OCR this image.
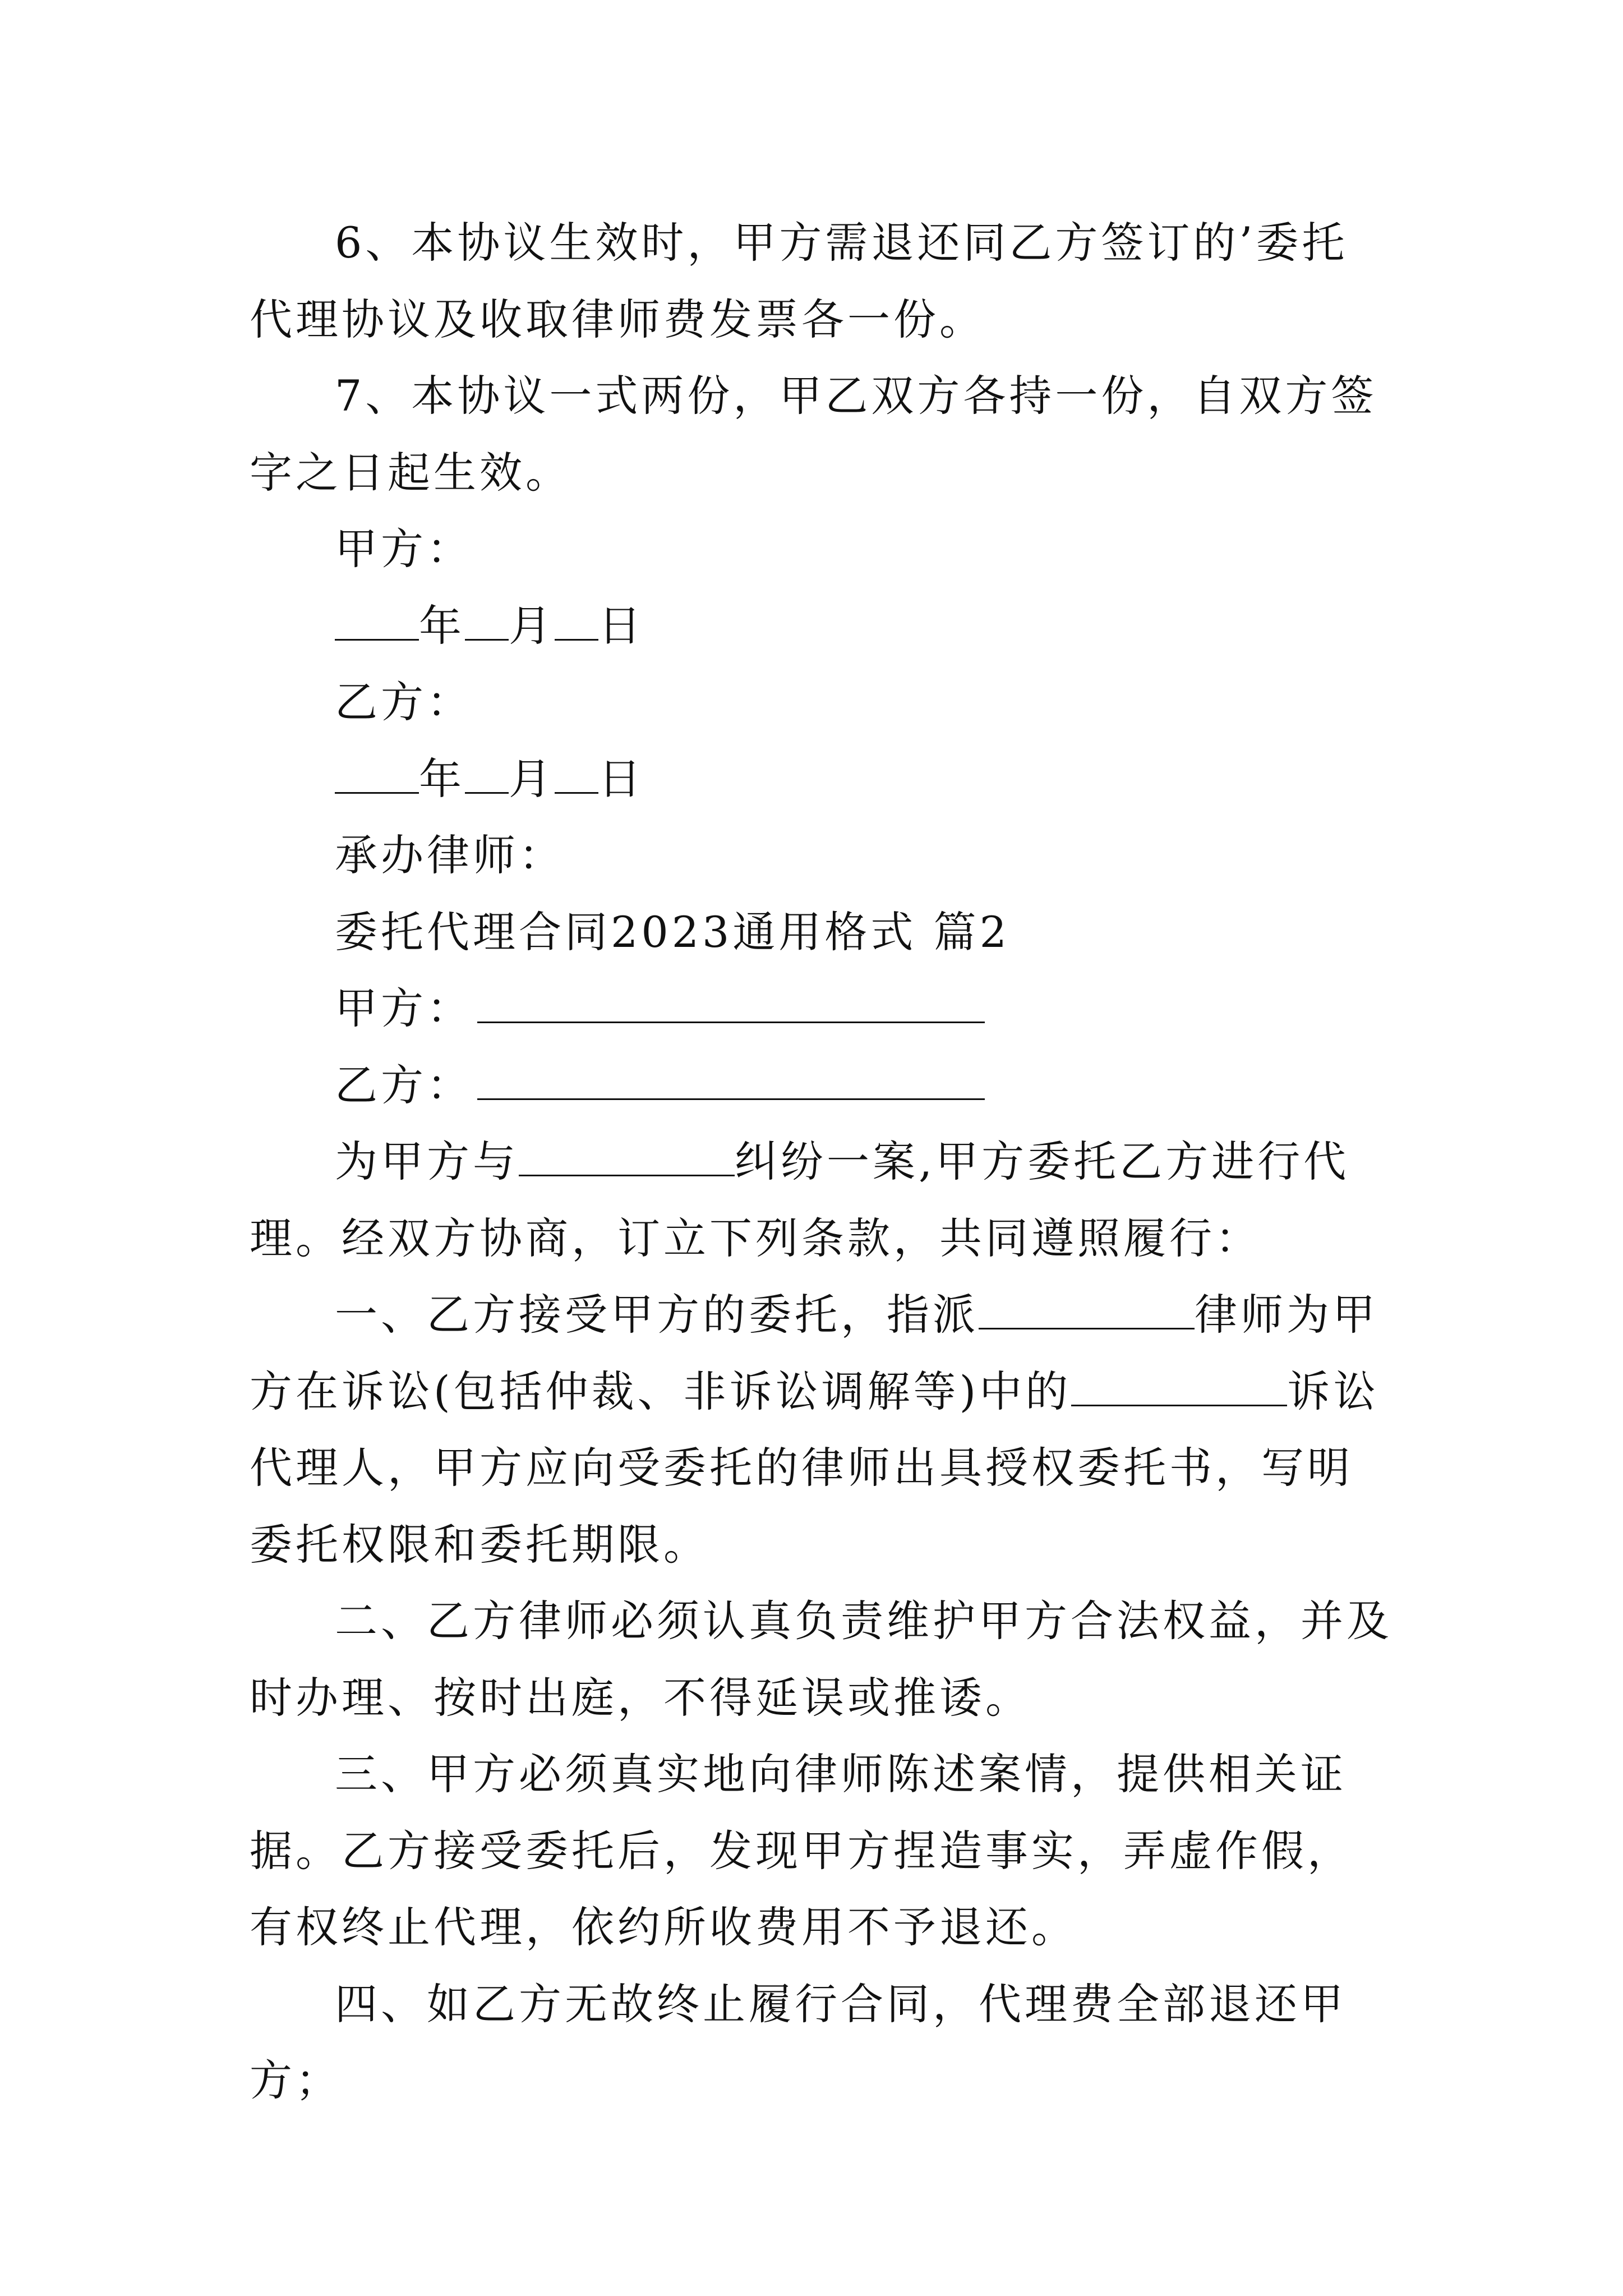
6、本协议生效时，甲方需退还同乙方签订的’委托代理协议及收取律师费发票各一份。

7、本协议一式两份，甲乙双方各持一份，自双方签字之日起生效。

甲方：

年 月 日

乙方：

年 月 日

承办律师：

委托代理合同2023通用格式 篇2

甲方：

乙方：

为甲方与	纠纷一案,甲方委托乙方进行代理。经双方协商，订立下列条款，共同遵照履行：

一、乙方接受甲方的委托，指派	律师为甲方在诉讼(包括仲裁、非诉讼调解等)中的	诉讼代理人，甲方应向受委托的律师出具授权委托书，写明委托权限和委托期限。

二、乙方律师必须认真负责维护甲方合法权益，并及时办理、按时出庭，不得延误或推诿。

三、甲方必须真实地向律师陈述案情，提供相关证据。乙方接受委托后，发现甲方捏造事实，弄虚作假，有权终止代理，依约所收费用不予退还。

四、如乙方无故终止履行合同，代理费全部退还甲方；
